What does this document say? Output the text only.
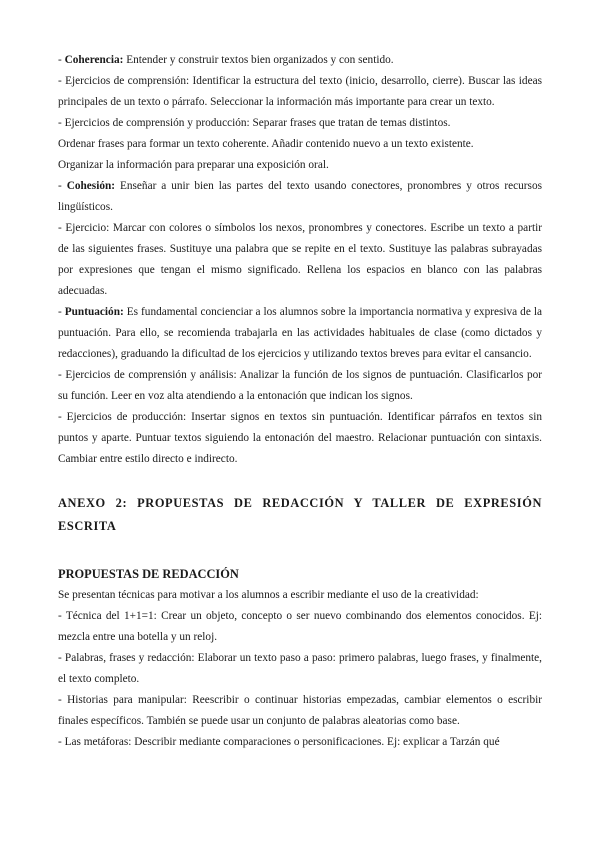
- Coherencia: Entender y construir textos bien organizados y con sentido.

- Ejercicios de comprensión: Identificar la estructura del texto (inicio, desarrollo, cierre). Buscar las ideas principales de un texto o párrafo. Seleccionar la información más importante para crear un texto.

- Ejercicios de comprensión y producción: Separar frases que tratan de temas distintos.

Ordenar frases para formar un texto coherente. Añadir contenido nuevo a un texto existente.

Organizar la información para preparar una exposición oral.

- Cohesión: Enseñar a unir bien las partes del texto usando conectores, pronombres y otros recursos lingüísticos.

- Ejercicio: Marcar con colores o símbolos los nexos, pronombres y conectores. Escribe un texto a partir de las siguientes frases. Sustituye una palabra que se repite en el texto. Sustituye las palabras subrayadas por expresiones que tengan el mismo significado. Rellena los espacios en blanco con las palabras adecuadas.

- Puntuación: Es fundamental concienciar a los alumnos sobre la importancia normativa y expresiva de la puntuación. Para ello, se recomienda trabajarla en las actividades habituales de clase (como dictados y redacciones), graduando la dificultad de los ejercicios y utilizando textos breves para evitar el cansancio.

- Ejercicios de comprensión y análisis: Analizar la función de los signos de puntuación. Clasificarlos por su función. Leer en voz alta atendiendo a la entonación que indican los signos.

- Ejercicios de producción: Insertar signos en textos sin puntuación. Identificar párrafos en textos sin puntos y aparte. Puntuar textos siguiendo la entonación del maestro. Relacionar puntuación con sintaxis. Cambiar entre estilo directo e indirecto.

ANEXO 2: PROPUESTAS DE REDACCIÓN Y TALLER DE EXPRESIÓN ESCRITA
PROPUESTAS DE REDACCIÓN

Se presentan técnicas para motivar a los alumnos a escribir mediante el uso de la creatividad:

- Técnica del 1+1=1: Crear un objeto, concepto o ser nuevo combinando dos elementos conocidos. Ej: mezcla entre una botella y un reloj.

- Palabras, frases y redacción: Elaborar un texto paso a paso: primero palabras, luego frases, y finalmente, el texto completo.

- Historias para manipular: Reescribir o continuar historias empezadas, cambiar elementos o escribir finales específicos. También se puede usar un conjunto de palabras aleatorias como base.

- Las metáforas: Describir mediante comparaciones o personificaciones. Ej: explicar a Tarzán qué
